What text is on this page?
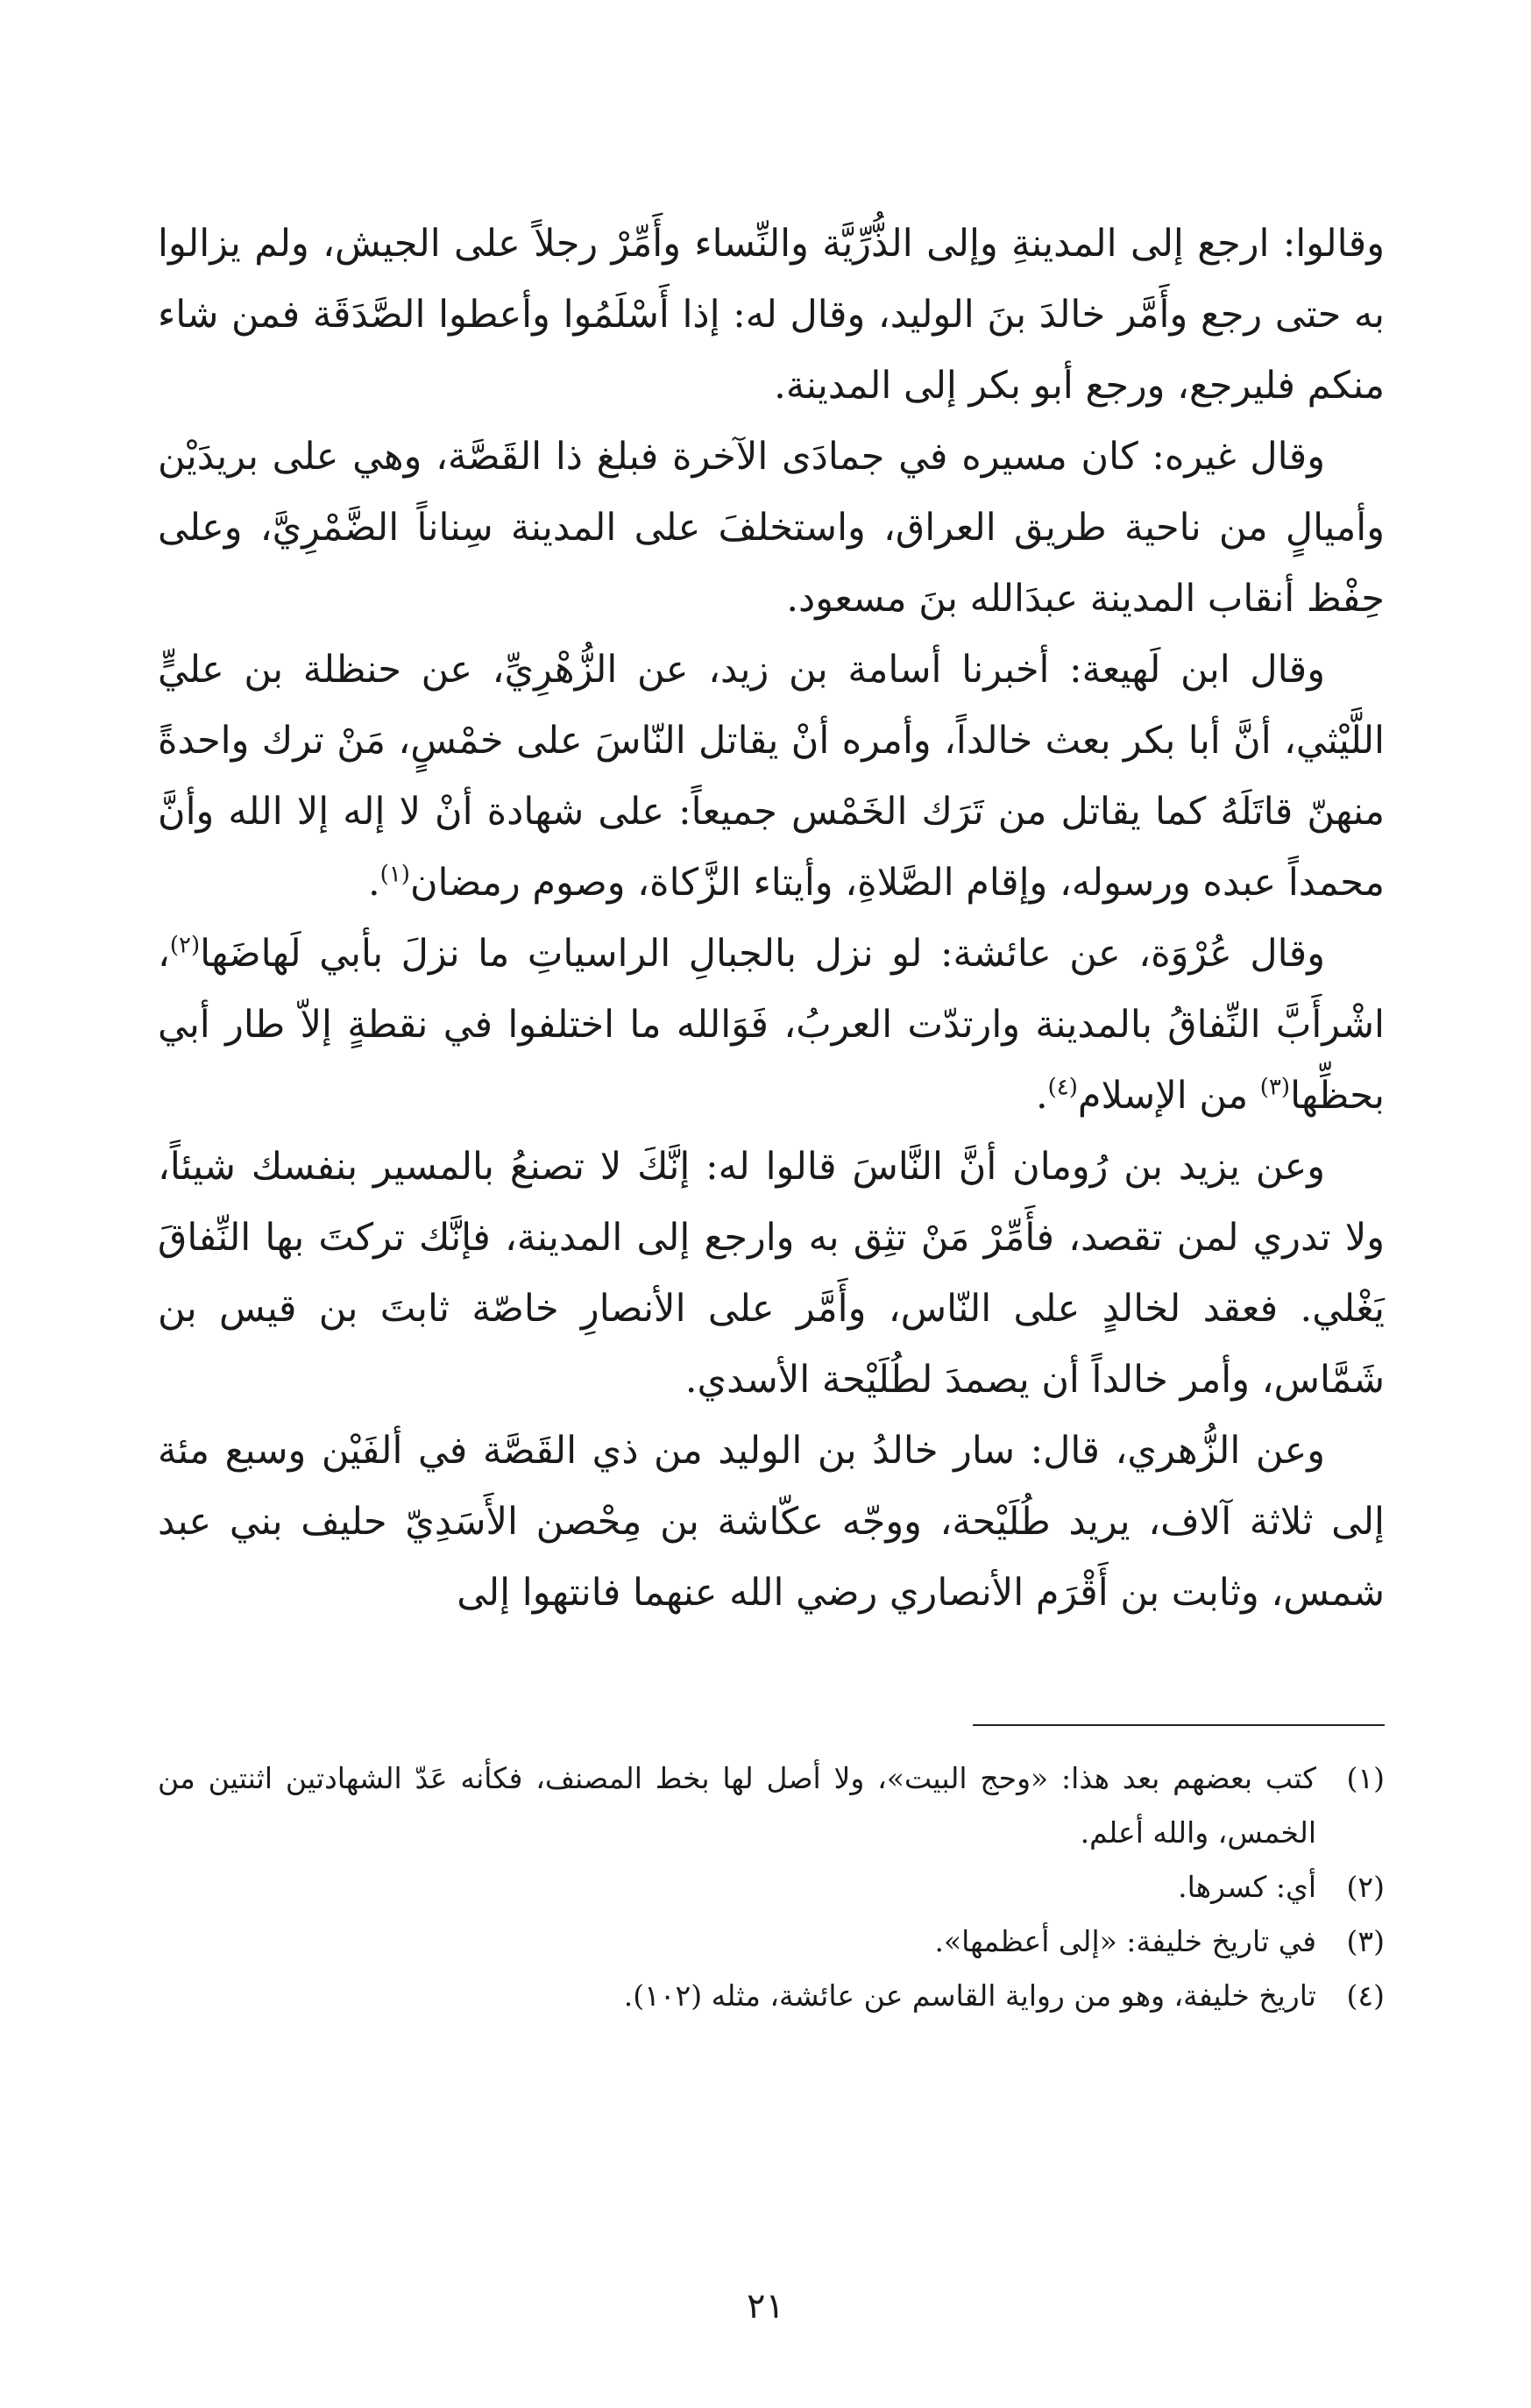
وقالوا: ارجع إلى المدينةِ وإلى الذُّرِّيَّة والنِّساء وأَمِّرْ رجلاً على الجيش، ولم يزالوا به حتى رجع وأَمَّر خالدَ بنَ الوليد، وقال له: إذا أَسْلَمُوا وأعطوا الصَّدَقَة فمن شاء منكم فليرجع، ورجع أبو بكر إلى المدينة.

وقال غيره: كان مسيره في جمادَى الآخرة فبلغ ذا القَصَّة، وهي على بريدَيْن وأميالٍ من ناحية طريق العراق، واستخلفَ على المدينة سِناناً الضَّمْرِيَّ، وعلى حِفْظ أنقاب المدينة عبدَالله بنَ مسعود.

وقال ابن لَهيعة: أخبرنا أسامة بن زيد، عن الزُّهْرِيِّ، عن حنظلة بن عليٍّ اللَّيْثي، أنَّ أبا بكر بعث خالداً، وأمره أنْ يقاتل النّاسَ على خمْسٍ، مَنْ ترك واحدةً منهنّ قاتَلَهُ كما يقاتل من تَرَك الخَمْس جميعاً: على شهادة أنْ لا إله إلا الله وأنَّ محمداً عبده ورسوله، وإقام الصَّلاةِ، وأيتاء الزَّكاة، وصوم رمضان$^{(١)}$.

وقال عُرْوَة، عن عائشة: لو نزل بالجبالِ الراسياتِ ما نزلَ بأبي لَهاضَها$^{(٢)}$، اشْرأَبَّ النِّفاقُ بالمدينة وارتدّت العربُ، فَوَالله ما اختلفوا في نقطةٍ إلاّ طار أبي بحظِّها$^{(٣)}$ من الإسلام$^{(٤)}$.

وعن يزيد بن رُومان أنَّ النَّاسَ قالوا له: إنَّكَ لا تصنعُ بالمسير بنفسك شيئاً، ولا تدري لمن تقصد، فأَمِّرْ مَنْ تثِق به وارجع إلى المدينة، فإنَّك تركتَ بها النِّفاقَ يَغْلي. فعقد لخالدٍ على النّاس، وأَمَّر على الأنصارِ خاصّة ثابتَ بن قيس بن شَمَّاس، وأمر خالداً أن يصمدَ لطُلَيْحة الأسدي.

وعن الزُّهري، قال: سار خالدُ بن الوليد من ذي القَصَّة في ألفَيْن وسبع مئة إلى ثلاثة آلاف، يريد طُلَيْحة، ووجّه عكّاشة بن مِحْصن الأَسَدِيّ حليف بني عبد شمس، وثابت بن أَقْرَم الأنصاري رضي الله عنهما فانتهوا إلى

(١)
كتب بعضهم بعد هذا: «وحج البيت»، ولا أصل لها بخط المصنف، فكأنه عَدّ الشهادتين اثنتين من الخمس، والله أعلم.
(٢)
أي: كسرها.
(٣)
في تاريخ خليفة: «إلى أعظمها».
(٤)
تاريخ خليفة، وهو من رواية القاسم عن عائشة، مثله (١٠٢).
٢١
